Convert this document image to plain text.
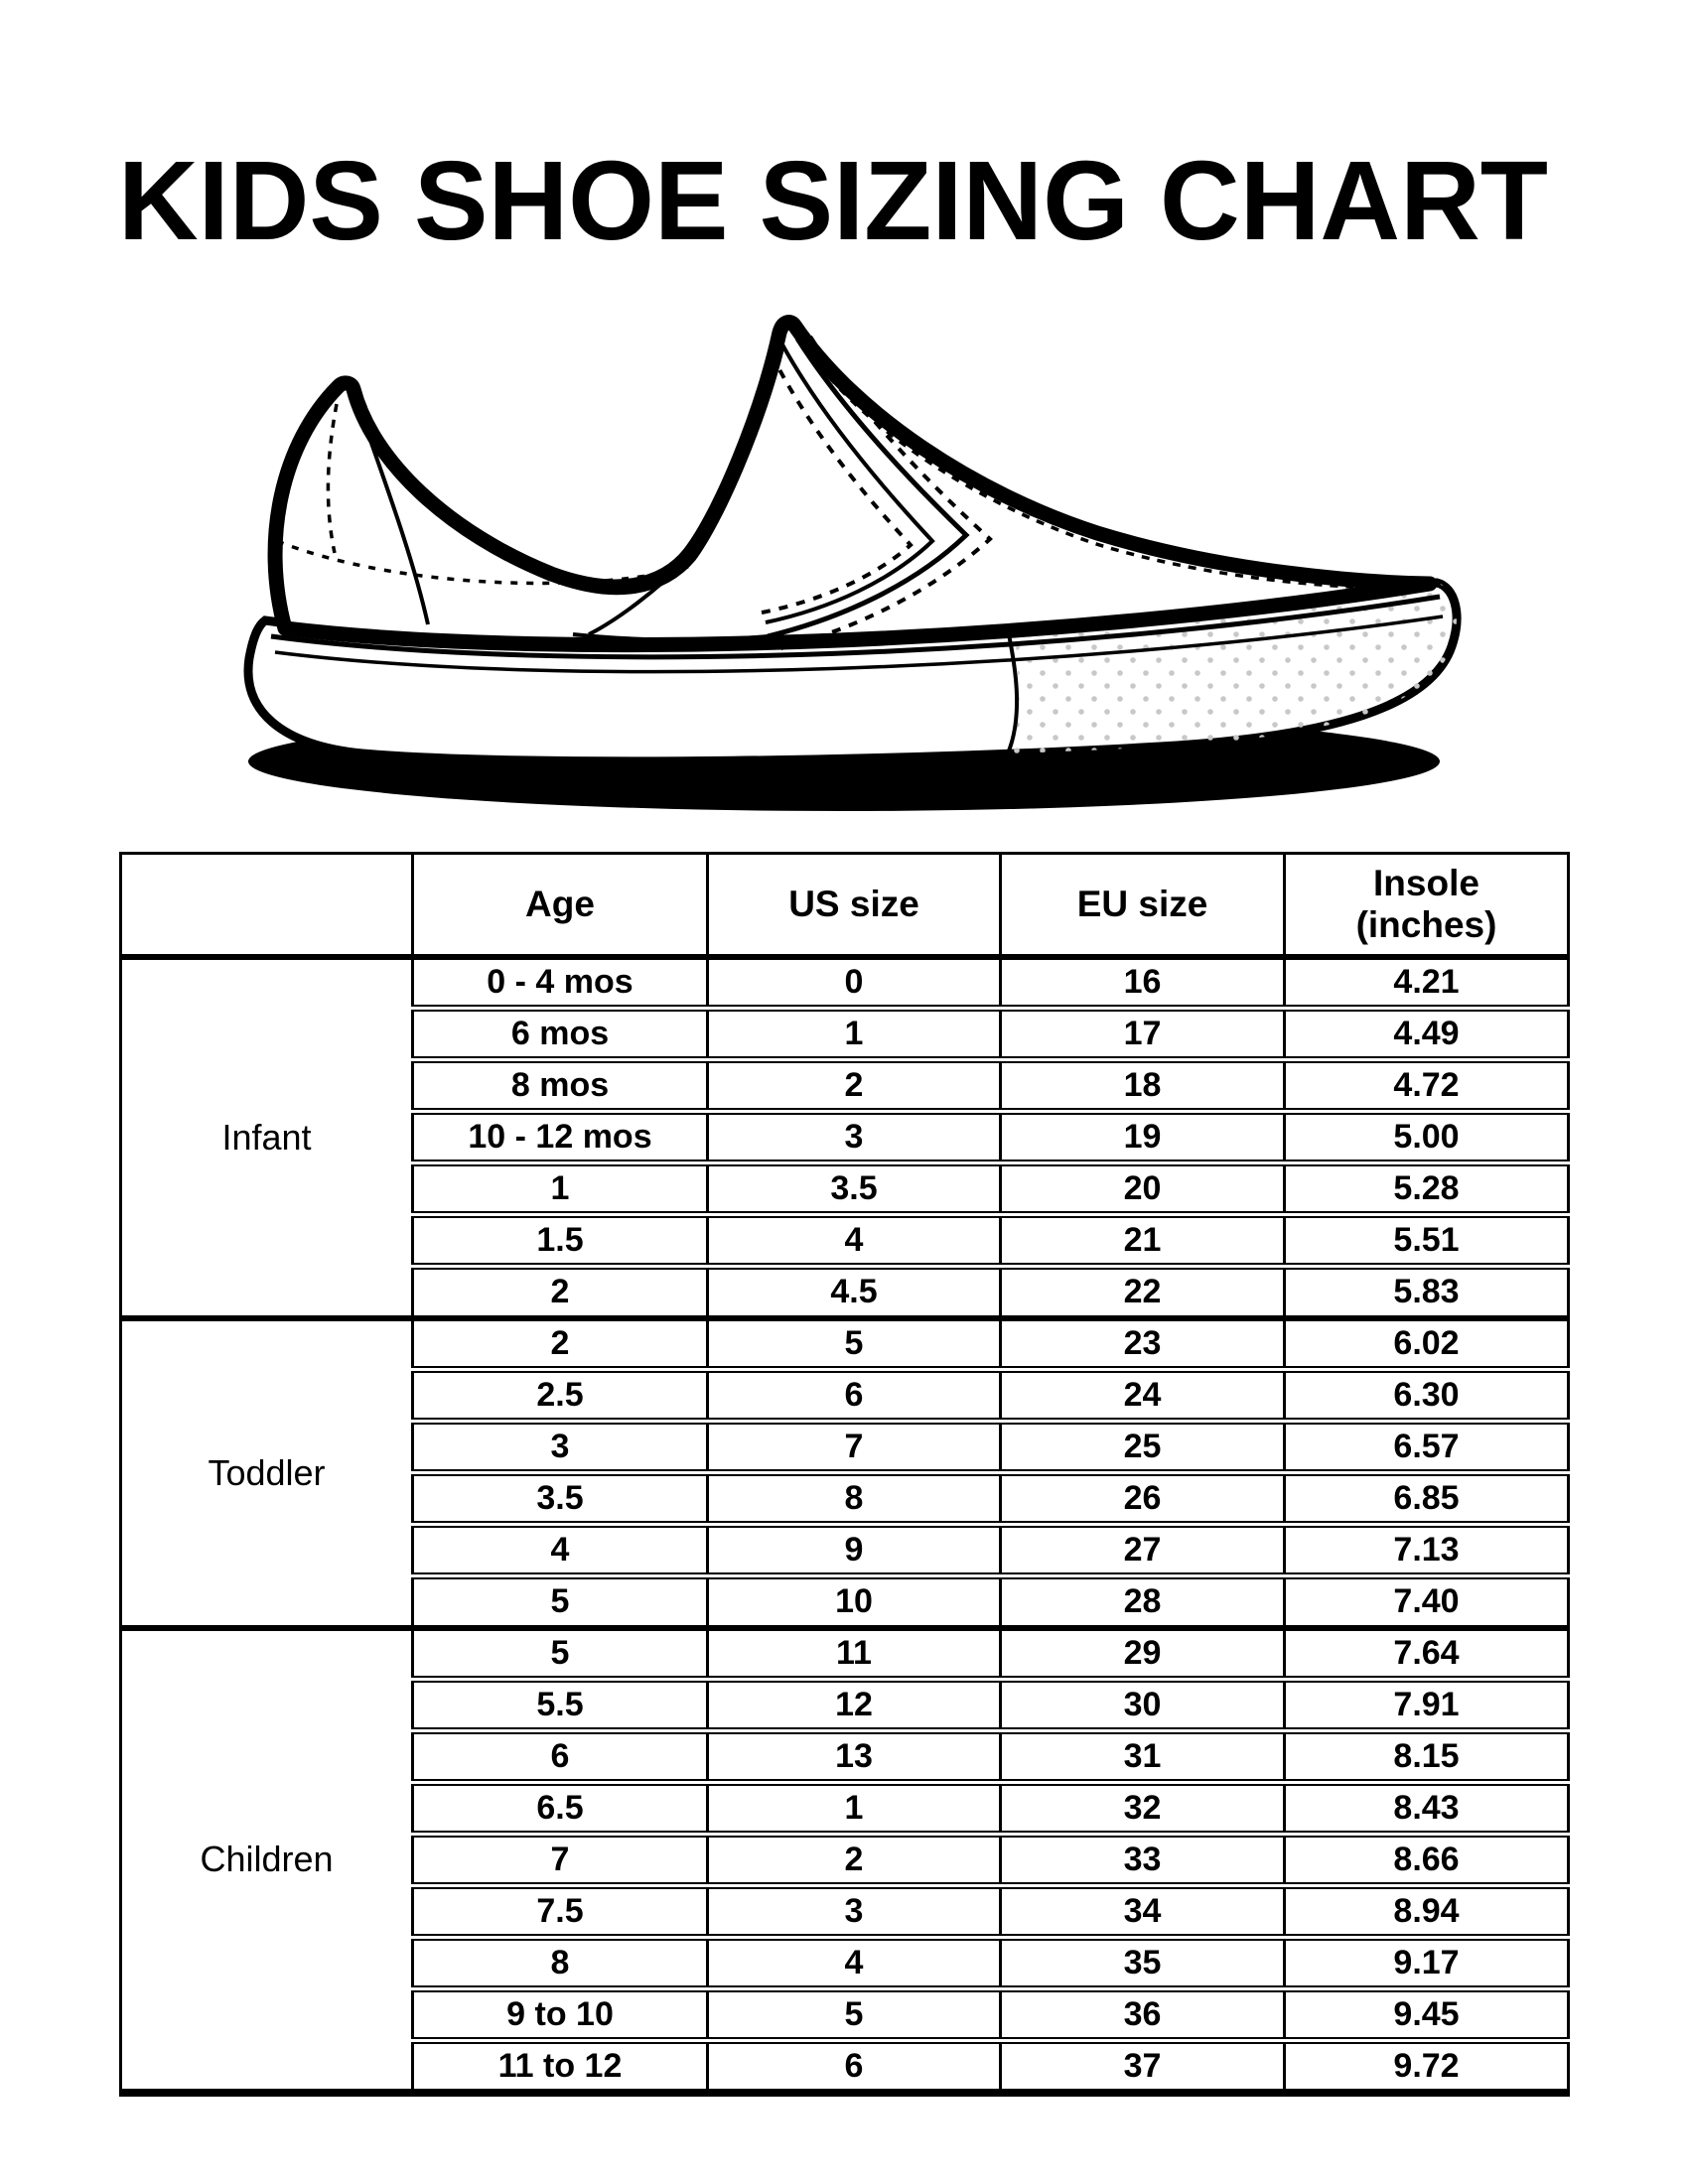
KIDS SHOE SIZING CHART
	Age	US size	EU size	Insole
(inches)

Infant	0 - 4 mos	0	16	4.21
	6 mos	1	17	4.49
	8 mos	2	18	4.72
	10 - 12 mos	3	19	5.00
	1	3.5	20	5.28
	1.5	4	21	5.51
	2	4.5	22	5.83
Toddler	2	5	23	6.02
	2.5	6	24	6.30
	3	7	25	6.57
	3.5	8	26	6.85
	4	9	27	7.13
	5	10	28	7.40
Children	5	11	29	7.64
	5.5	12	30	7.91
	6	13	31	8.15
	6.5	1	32	8.43
	7	2	33	8.66
	7.5	3	34	8.94
	8	4	35	9.17
	9 to 10	5	36	9.45
	11 to 12	6	37	9.72
